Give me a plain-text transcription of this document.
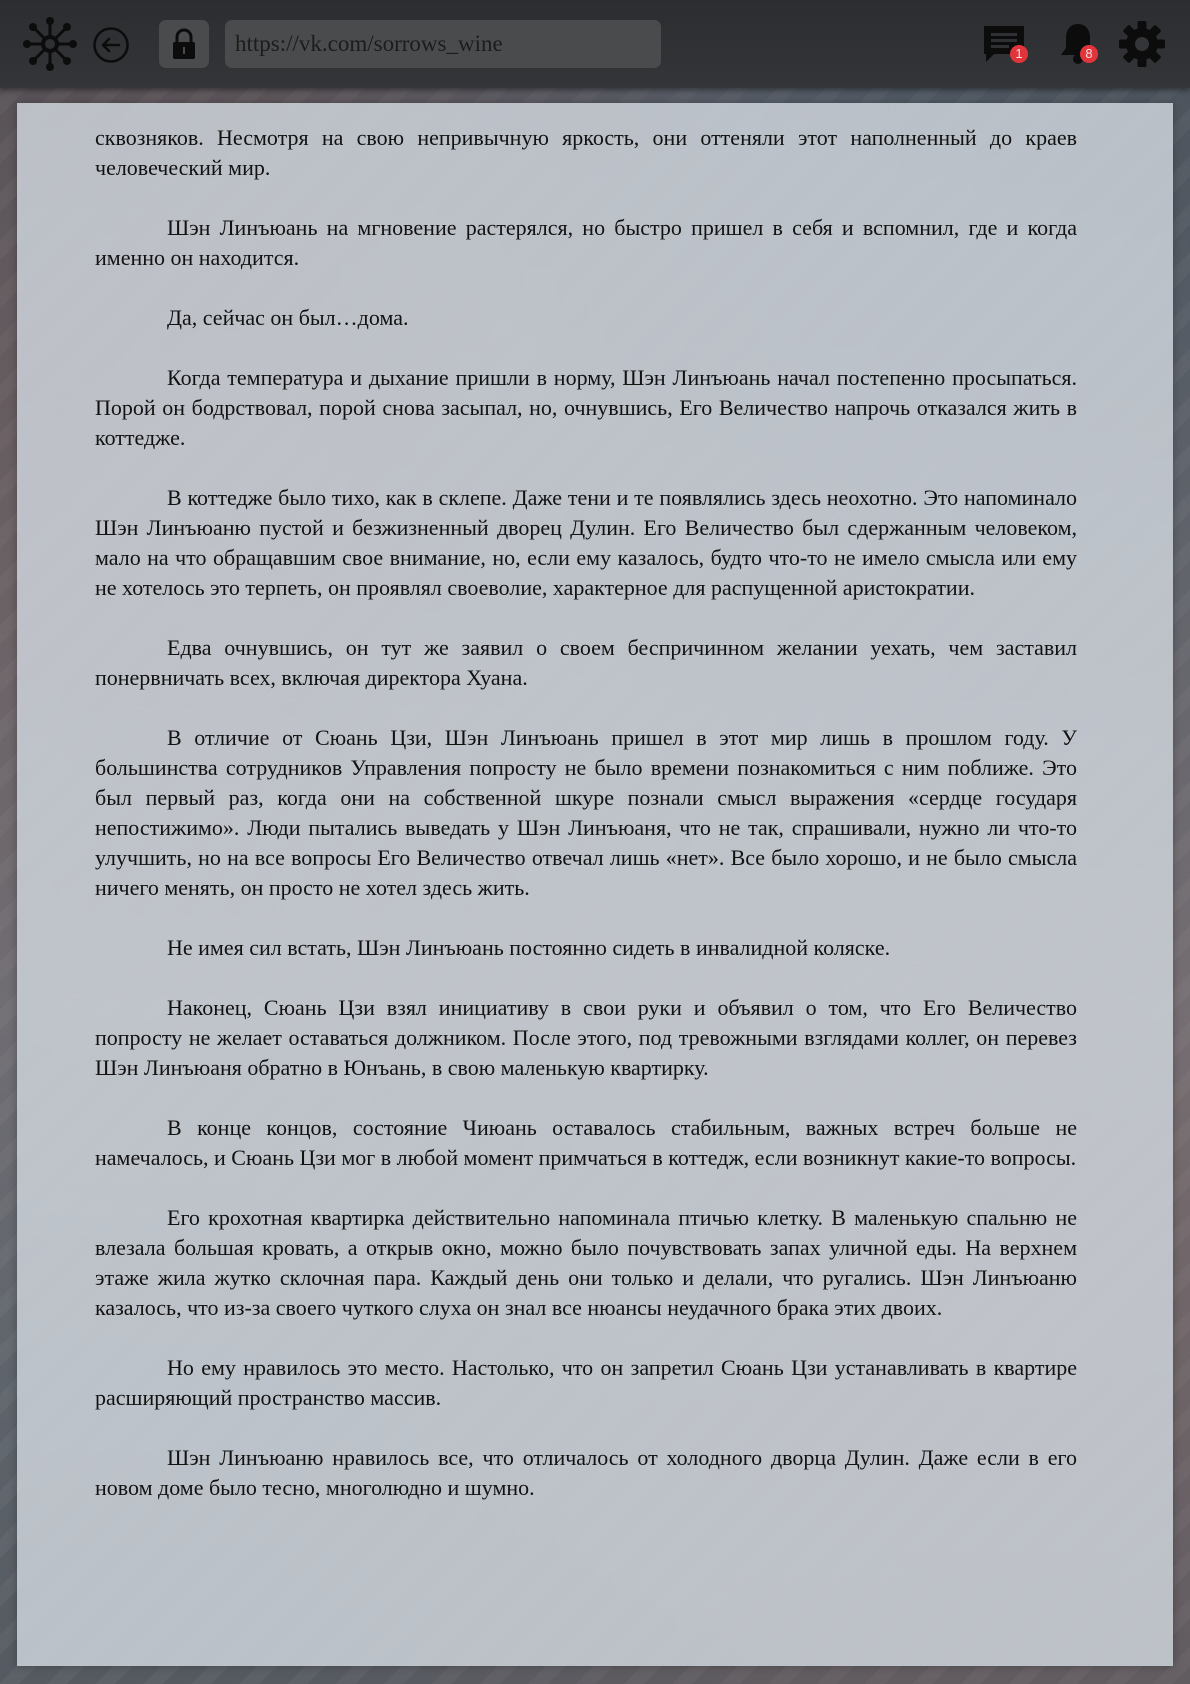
https://vk.com/sorrows_wine
1	8

сквозняков. Несмотря на свою непривычную яркость, они оттеняли этот наполненный до краев человеческий мир.

Шэн Линъюань на мгновение растерялся, но быстро пришел в себя и вспомнил, где и когда именно он находится.

Да, сейчас он был…дома.

Когда температура и дыхание пришли в норму, Шэн Линъюань начал постепенно просыпаться. Порой он бодрствовал, порой снова засыпал, но, очнувшись, Его Величество напрочь отказался жить в коттедже.

В коттедже было тихо, как в склепе. Даже тени и те появлялись здесь неохотно. Это напоминало Шэн Линъюаню пустой и безжизненный дворец Дулин. Его Величество был сдержанным человеком, мало на что обращавшим свое внимание, но, если ему казалось, будто что-то не имело смысла или ему не хотелось это терпеть, он проявлял своеволие, характерное для распущенной аристократии.

Едва очнувшись, он тут же заявил о своем беспричинном желании уехать, чем заставил понервничать всех, включая директора Хуана.

В отличие от Сюань Цзи, Шэн Линъюань пришел в этот мир лишь в прошлом году. У большинства сотрудников Управления попросту не было времени познакомиться с ним поближе. Это был первый раз, когда они на собственной шкуре познали смысл выражения «сердце государя непостижимо». Люди пытались выведать у Шэн Линъюаня, что не так, спрашивали, нужно ли что-то улучшить, но на все вопросы Его Величество отвечал лишь «нет». Все было хорошо, и не было смысла ничего менять, он просто не хотел здесь жить.

Не имея сил встать, Шэн Линъюань постоянно сидеть в инвалидной коляске.

Наконец, Сюань Цзи взял инициативу в свои руки и объявил о том, что Его Величество попросту не желает оставаться должником. После этого, под тревожными взглядами коллег, он перевез Шэн Линъюаня обратно в Юнъань, в свою маленькую квартирку.

В конце концов, состояние Чиюань оставалось стабильным, важных встреч больше не намечалось, и Сюань Цзи мог в любой момент примчаться в коттедж, если возникнут какие-то вопросы.

Его крохотная квартирка действительно напоминала птичью клетку. В маленькую спальню не влезала большая кровать, а открыв окно, можно было почувствовать запах уличной еды. На верхнем этаже жила жутко склочная пара. Каждый день они только и делали, что ругались. Шэн Линъюаню казалось, что из-за своего чуткого слуха он знал все нюансы неудачного брака этих двоих.

Но ему нравилось это место. Настолько, что он запретил Сюань Цзи устанавливать в квартире расширяющий пространство массив.

Шэн Линъюаню нравилось все, что отличалось от холодного дворца Дулин. Даже если в его новом доме было тесно, многолюдно и шумно.
